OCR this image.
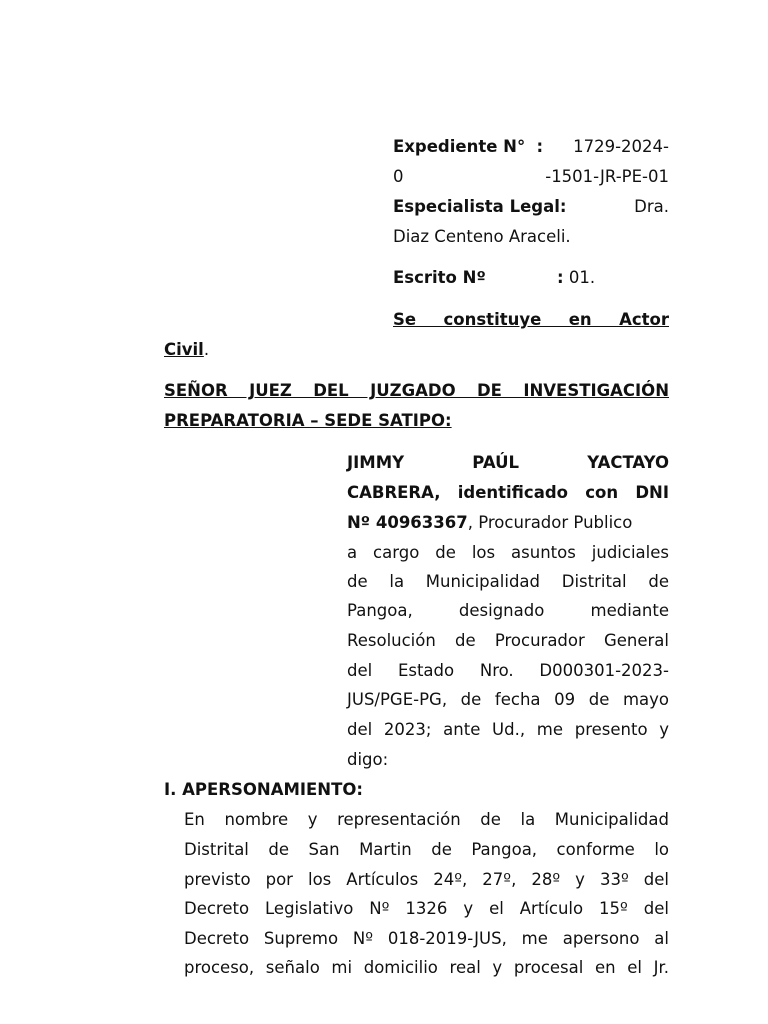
Expediente N° : 1729-2024-
0	-1501-JR-PE-01
Especialista Legal:	Dra.
Diaz Centeno Araceli.
Escrito Nº	: 01.
Se constituye en Actor
Civil.
SEÑOR JUEZ DEL JUZGADO DE INVESTIGACIÓN
PREPARATORIA – SEDE SATIPO:
JIMMY PAÚL YACTAYO
CABRERA, identificado con DNI
Nº 40963367, Procurador Publico
a cargo de los asuntos judiciales
de la Municipalidad Distrital de
Pangoa, designado mediante
Resolución de Procurador General
del Estado Nro. D000301-2023-
JUS/PGE-PG, de fecha 09 de mayo
del 2023; ante Ud., me presento y
digo:
I. APERSONAMIENTO:
En nombre y representación de la Municipalidad
Distrital de San Martin de Pangoa, conforme lo
previsto por los Artículos 24º, 27º, 28º y 33º del
Decreto Legislativo Nº 1326 y el Artículo 15º del
Decreto Supremo Nº 018-2019-JUS, me apersono al
proceso, señalo mi domicilio real y procesal en el Jr.
